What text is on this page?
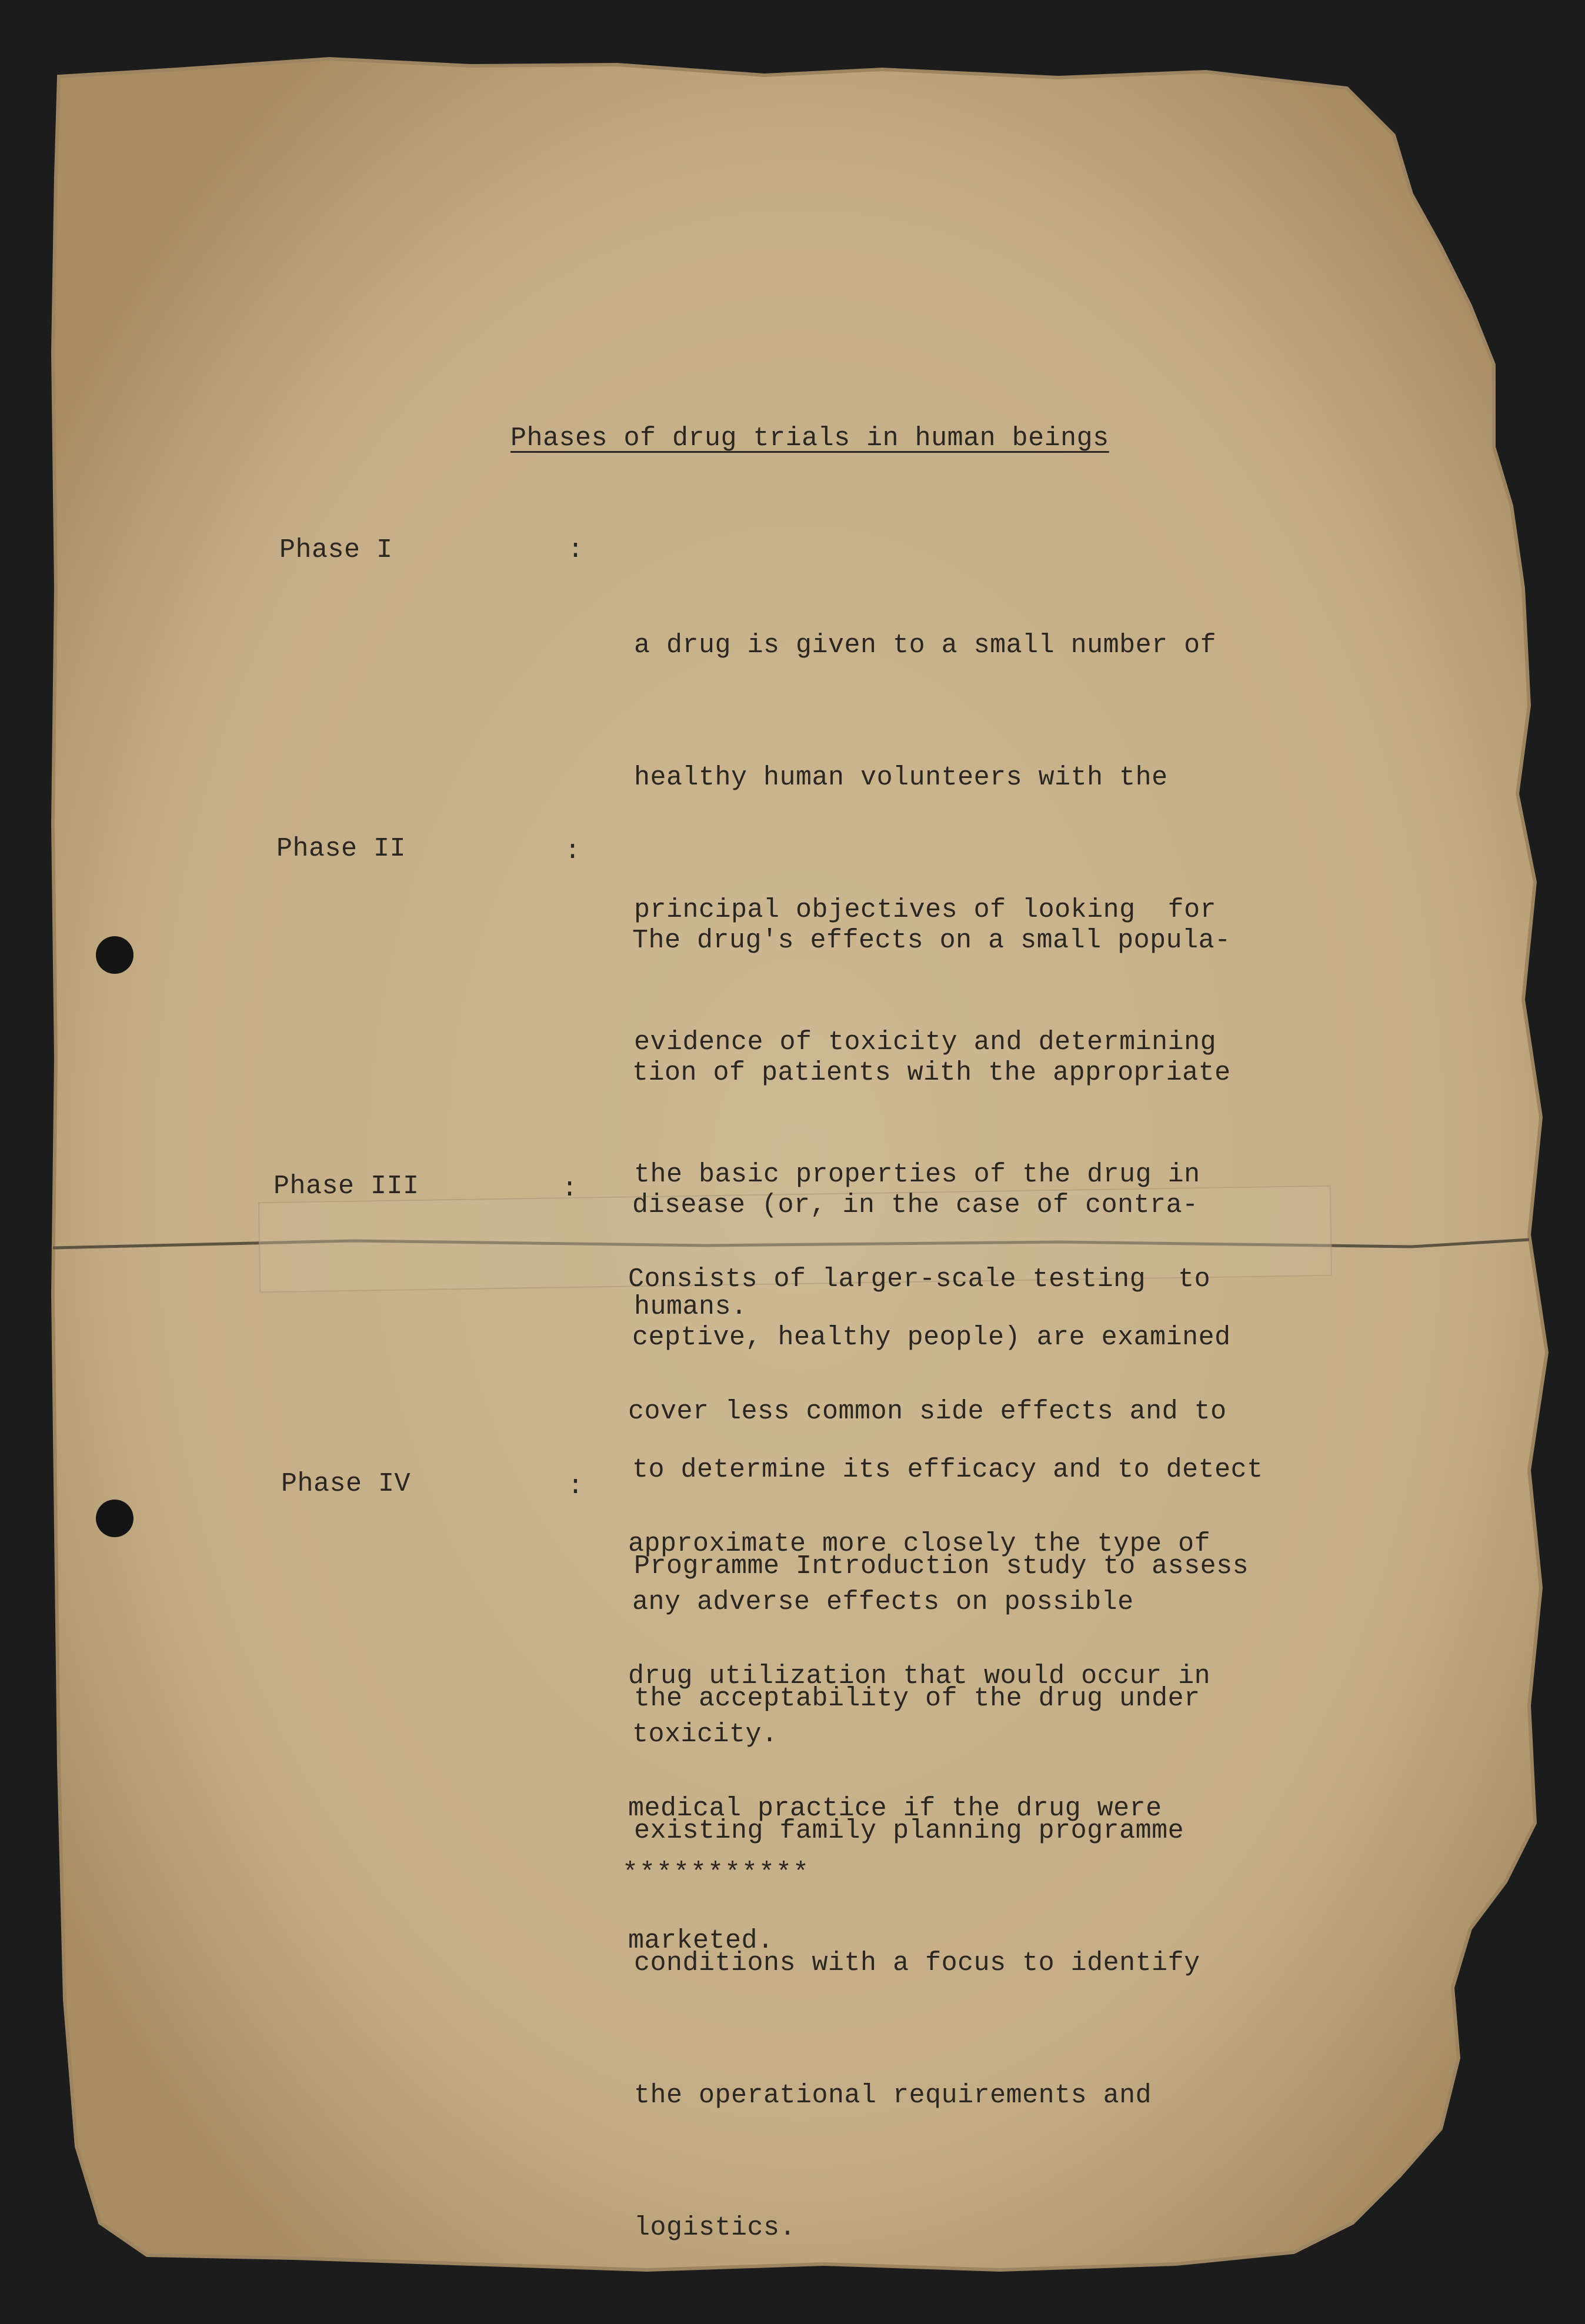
Phases of drug trials in human beings
Phase I	:

a drug is given to a small number of

healthy human volunteers with the

principal objectives of looking  for

evidence of toxicity and determining

the basic properties of the drug in

humans.

Phase II	:

The drug's effects on a small popula-

tion of patients with the appropriate

disease (or, in the case of contra-

ceptive, healthy people) are examined

to determine its efficacy and to detect

any adverse effects on possible

toxicity.

Phase III	:

Consists of larger-scale testing  to

cover less common side effects and to

approximate more closely the type of

drug utilization that would occur in

medical practice if the drug were

marketed.

Phase IV	:

Programme Introduction study to assess

the acceptability of the drug under

existing family planning programme

conditions with a focus to identify

the operational requirements and

logistics.

***********
